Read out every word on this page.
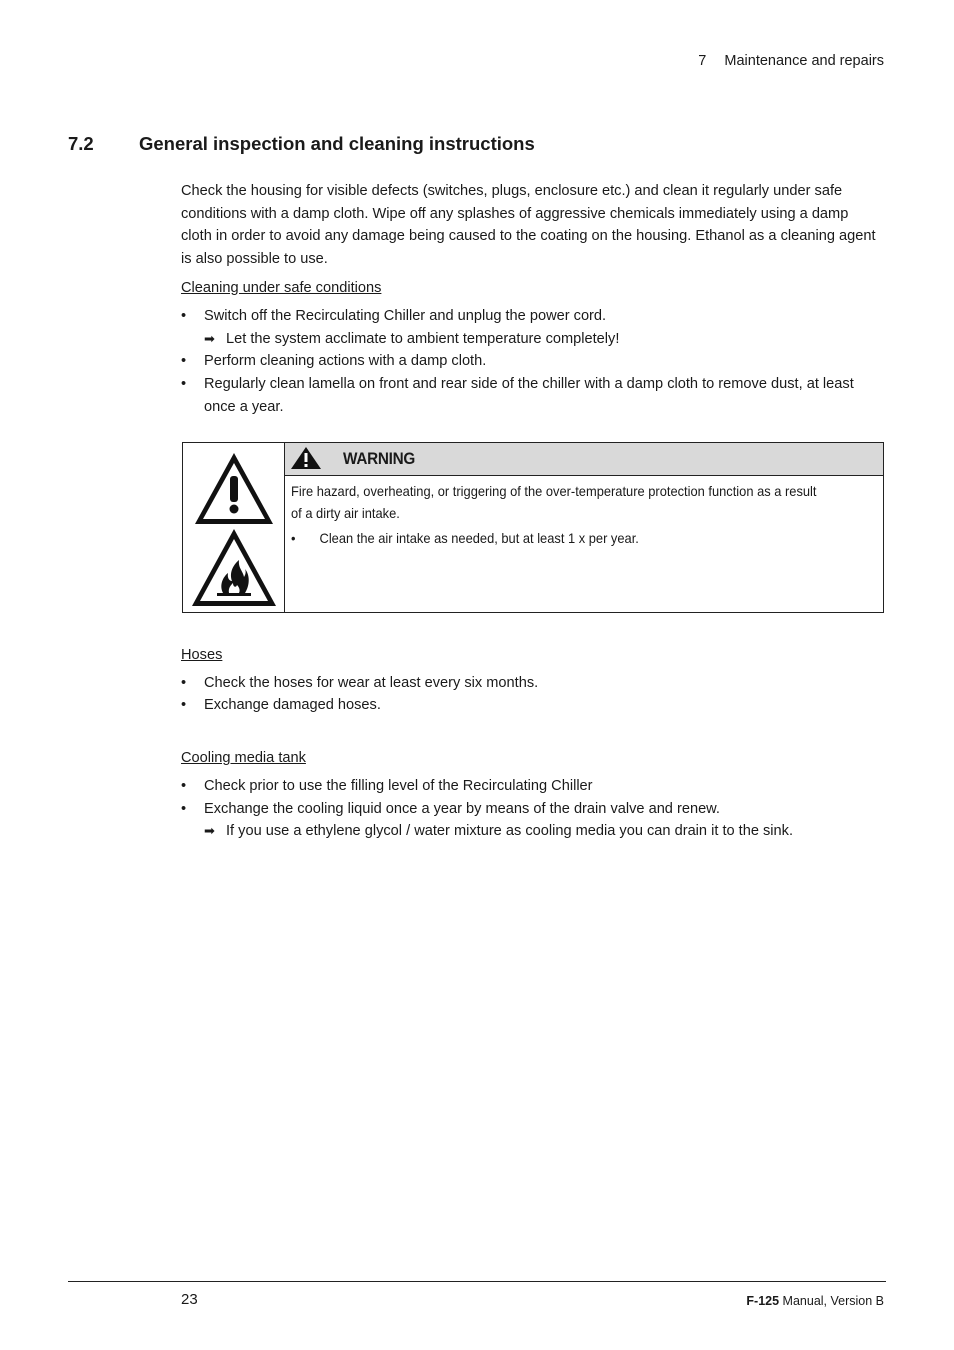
7 Maintenance and repairs
7.2 General inspection and cleaning instructions

Check the housing for visible defects (switches, plugs, enclosure etc.) and clean it regularly under safe conditions with a damp cloth. Wipe off any splashes of aggressive chemicals immediately using a damp cloth in order to avoid any damage being caused to the coating on the housing. Ethanol as a cleaning agent is also possible to use.

Cleaning under safe conditions
• Switch off the Recirculating Chiller and unplug the power cord.
➡ Let the system acclimate to ambient temperature completely!
• Perform cleaning actions with a damp cloth.
• Regularly clean lamella on front and rear side of the chiller with a damp cloth to remove dust, at least once a year.
WARNING
Fire hazard, overheating, or triggering of the over-temperature protection function as a result of a dirty air intake.
• Clean the air intake as needed, but at least 1 x per year.
Hoses
• Check the hoses for wear at least every six months.
• Exchange damaged hoses.
Cooling media tank
• Check prior to use the filling level of the Recirculating Chiller
• Exchange the cooling liquid once a year by means of the drain valve and renew.
➡ If you use a ethylene glycol / water mixture as cooling media you can drain it to the sink.
23	F-125 Manual, Version B
